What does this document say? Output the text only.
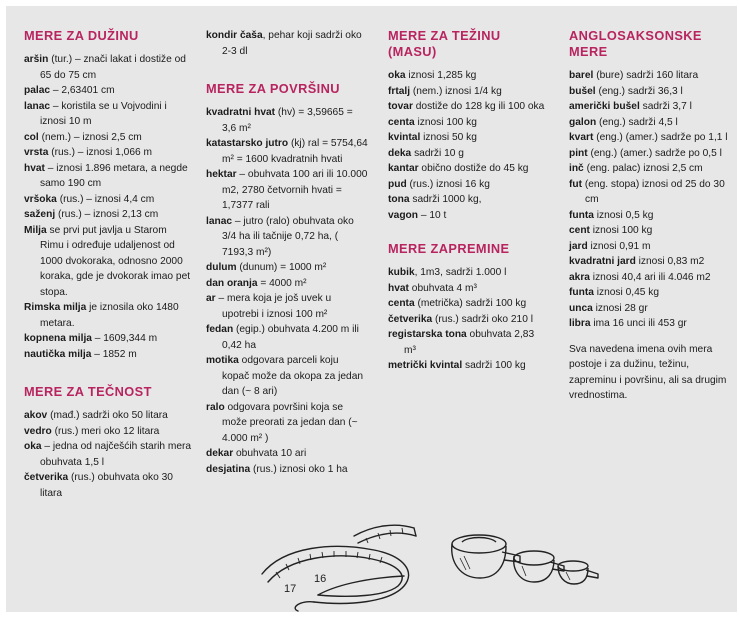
MERE ZA DUŽINU
aršin (tur.) – znači lakat i dostiže od 65 do 75 cm
palac – 2,63401 cm
lanac – koristila se u Vojvodini i iznosi 10 m
col (nem.) – iznosi 2,5 cm
vrsta (rus.) – iznosi 1,066 m
hvat – iznosi 1.896 metara, a negde samo 190 cm
vršoka (rus.) – iznosi 4,4 cm
saženj (rus.) – iznosi 2,13 cm
Milja se prvi put javlja u Starom Rimu i određuje udaljenost od 1000 dvokoraka, odnosno 2000 koraka, gde je dvokorak imao pet stopa.
Rimska milja je iznosila oko 1480 metara.
kopnena milja – 1609,344 m
nautička milja – 1852 m
MERE ZA TEČNOST
akov (mađ.) sadrži oko 50 litara
vedro (rus.) meri oko 12 litara
oka – jedna od najčešćih starih mera obuhvata 1,5 l
četverika (rus.) obuhvata oko 30 litara
kondir čaša, pehar koji sadrži oko 2-3 dl
MERE ZA POVRŠINU
kvadratni hvat (hv) = 3,59665 = 3,6 m²
katastarsko jutro (kj) ral = 5754,64 m² = 1600 kvadratnih hvati
hektar – obuhvata 100 ari ili 10.000 m2, 2780 četvornih hvati = 1,7377 rali
lanac – jutro (ralo) obuhvata oko 3/4 ha ili tačnije 0,72 ha, ( 7193,3 m²)
dulum (dunum) = 1000 m²
dan oranja = 4000 m²
ar – mera koja je još uvek u upotrebi i iznosi 100 m²
fedan (egip.) obuhvata 4.200 m ili 0,42 ha
motika odgovara parceli koju kopač može da okopa za jedan dan (~ 8 ari)
ralo odgovara površini koja se može preorati za jedan dan (~ 4.000 m² )
dekar obuhvata 10 ari
desjatina (rus.) iznosi oko 1 ha
MERE ZA TEŽINU (MASU)
oka iznosi 1,285 kg
frtalj (nem.) iznosi 1/4 kg
tovar dostiže do 128 kg ili 100 oka
centa iznosi 100 kg
kvintal iznosi 50 kg
deka sadrži 10 g
kantar obično dostiže do 45 kg
pud (rus.) iznosi 16 kg
tona sadrži 1000 kg,
vagon – 10 t
MERE ZAPREMINE
kubik, 1m3, sadrži 1.000 l
hvat obuhvata 4 m³
centa (metrička) sadrži 100 kg
četverika (rus.) sadrži oko 210 l
registarska tona obuhvata 2,83 m³
metrički kvintal sadrži 100 kg
ANGLOSAKSONSKE MERE
barel (bure) sadrži 160 litara
bušel (eng.) sadrži 36,3 l
američki bušel sadrži 3,7 l
galon (eng.) sadrži 4,5 l
kvart (eng.) (amer.) sadrže po 1,1 l
pint (eng.) (amer.) sadrže po 0,5 l
inč (eng. palac) iznosi 2,5 cm
fut (eng. stopa) iznosi od 25 do 30 cm
funta iznosi 0,5 kg
cent iznosi 100 kg
jard iznosi 0,91 m
kvadratni jard iznosi 0,83 m2
akra iznosi 40,4 ari ili 4.046 m2
funta iznosi 0,45 kg
unca iznosi 28 gr
libra ima 16 unci ili 453 gr
Sva navedena imena ovih mera postoje i za dužinu, težinu, zapreminu i površinu, ali sa drugim vrednostima.
17
16
